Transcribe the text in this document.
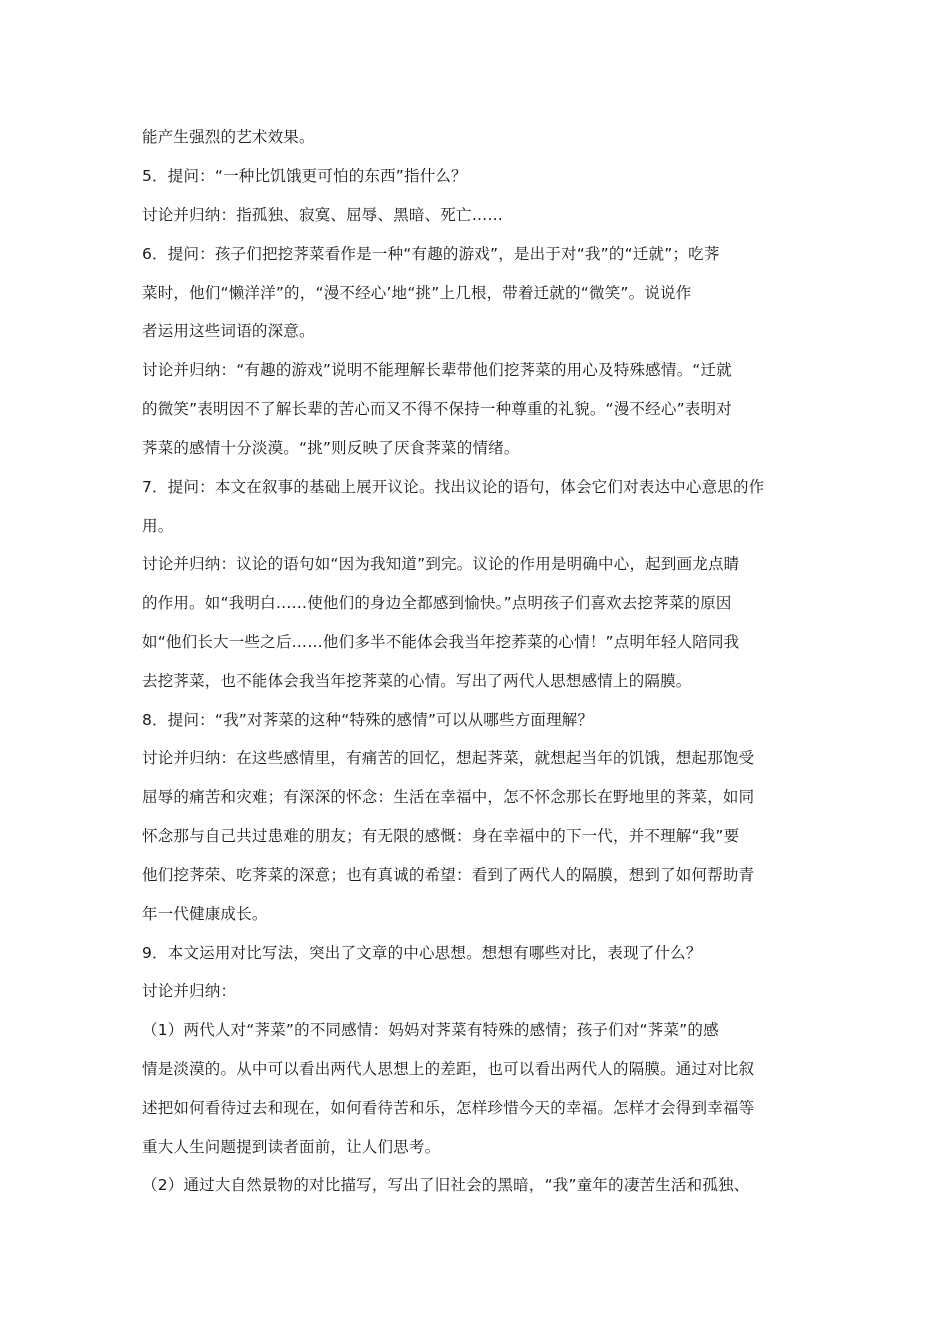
能产生强烈的艺术效果。
5．提问：“一种比饥饿更可怕的东西”指什么？
讨论并归纳：指孤独、寂寞、屈辱、黑暗、死亡……
6．提问：孩子们把挖荠菜看作是一种“有趣的游戏”，是出于对“我”的“迁就”；吃荠
菜时，他们“懒洋洋”的，“漫不经心’地“挑”上几根，带着迁就的“微笑”。说说作
者运用这些词语的深意。
讨论并归纳：“有趣的游戏”说明不能理解长辈带他们挖荠菜的用心及特殊感情。“迁就
的微笑”表明因不了解长辈的苦心而又不得不保持一种尊重的礼貌。“漫不经心”表明对
荠菜的感情十分淡漠。“挑”则反映了厌食荠菜的情绪。
7．提问：本文在叙事的基础上展开议论。找出议论的语句，体会它们对表达中心意思的作
用。
讨论并归纳：议论的语句如“因为我知道”到完。议论的作用是明确中心，起到画龙点睛
的作用。如“我明白……使他们的身边全都感到愉快。”点明孩子们喜欢去挖荠菜的原因
如“他们长大一些之后……他们多半不能体会我当年挖荞菜的心情！”点明年轻人陪同我
去挖荠菜，也不能体会我当年挖荠菜的心情。写出了两代人思想感情上的隔膜。
8．提问：“我”对荠菜的这种“特殊的感情”可以从哪些方面理解？
讨论并归纳：在这些感情里，有痛苦的回忆，想起荠菜，就想起当年的饥饿，想起那饱受
屈辱的痛苦和灾难；有深深的怀念：生活在幸福中，怎不怀念那长在野地里的荠菜，如同
怀念那与自己共过患难的朋友；有无限的感慨：身在幸福中的下一代，并不理解“我”要
他们挖荠荣、吃荠菜的深意；也有真诚的希望：看到了两代人的隔膜，想到了如何帮助青
年一代健康成长。
9．本文运用对比写法，突出了文章的中心思想。想想有哪些对比，表现了什么？
讨论并归纳：
（1）两代人对“荠菜”的不同感情：妈妈对荠菜有特殊的感情；孩子们对“荠菜”的感
情是淡漠的。从中可以看出两代人思想上的差距，也可以看出两代人的隔膜。通过对比叙
述把如何看待过去和现在，如何看待苦和乐，怎样珍惜今天的幸福。怎样才会得到幸福等
重大人生问题提到读者面前，让人们思考。
（2）通过大自然景物的对比描写，写出了旧社会的黑暗，“我”童年的凄苦生活和孤独、
